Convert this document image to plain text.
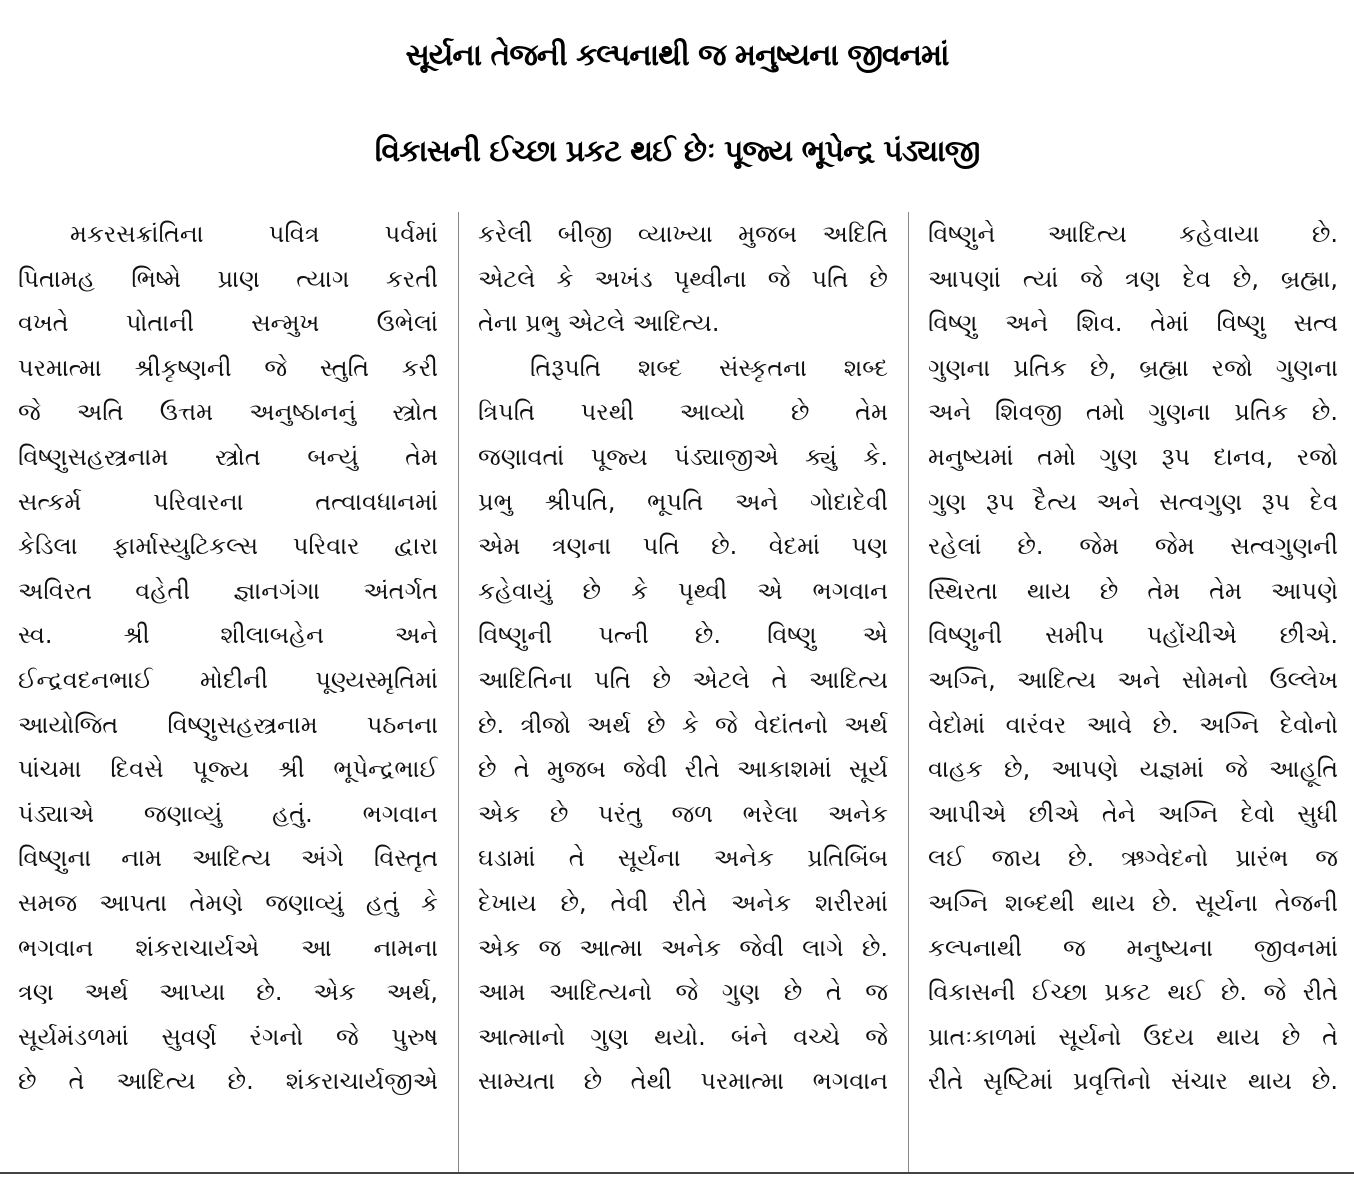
સૂર્યના તેજની કલ્પનાથી જ મનુષ્યના જીવનમાં
વિકાસની ઈચ્છા પ્રકટ થઈ છેઃ પૂજ્ય ભૂપેન્દ્ર પંડ્યાજી
મકરસક્રાંતિના પવિત્ર પર્વમાં
પિતામહ ભિષ્મે પ્રાણ ત્યાગ કરતી
વખતે પોતાની સન્મુખ ઉભેલાં
પરમાત્મા શ્રીકૃષ્ણની જે સ્તુતિ કરી
જે અતિ ઉત્તમ અનુષ્ઠાનનું સ્ત્રોત
વિષ્ણુસહસ્ત્રનામ સ્ત્રોત બન્યું તેમ
સત્કર્મ પરિવારના તત્વાવધાનમાં
કેડિલા ફાર્માસ્યુટિકલ્સ પરિવાર દ્વારા
અવિરત વહેતી જ્ઞાનગંગા અંતર્ગત
સ્વ. શ્રી શીલાબહેન અને
ઈન્દ્રવદનભાઈ મોદીની પૂણ્યસ્મૃતિમાં
આયોજિત વિષ્ણુસહસ્ત્રનામ પઠનના
પાંચમા દિવસે પૂજ્ય શ્રી ભૂપેન્દ્રભાઈ
પંડ્યાએ જણાવ્યું હતું. ભગવાન
વિષ્ણુના નામ આદિત્ય અંગે વિસ્તૃત
સમજ આપતા તેમણે જણાવ્યું હતું કે
ભગવાન શંકરાચાર્યએ આ નામના
ત્રણ અર્થ આપ્યા છે. એક અર્થ,
સૂર્યમંડળમાં સુવર્ણ રંગનો જે પુરુષ
છે તે આદિત્ય છે. શંકરાચાર્યજીએ
કરેલી બીજી વ્યાખ્યા મુજબ અદિતિ
એટલે કે અખંડ પૃથ્વીના જે પતિ છે
તેના પ્રભુ એટલે આદિત્ય.
તિરૂપતિ શબ્દ સંસ્કૃતના શબ્દ
ત્રિપતિ પરથી આવ્યો છે તેમ
જણાવતાં પૂજ્ય પંડ્યાજીએ ક્યું કે.
પ્રભુ શ્રીપતિ, ભૂપતિ અને ગોદાદેવી
એમ ત્રણના પતિ છે. વેદમાં પણ
કહેવાયું છે કે પૃથ્વી એ ભગવાન
વિષ્ણુની પત્ની છે. વિષ્ણુ એ
આદિતિના પતિ છે એટલે તે આદિત્ય
છે. ત્રીજો અર્થ છે કે જે વેદાંતનો અર્થ
છે તે મુજબ જેવી રીતે આકાશમાં સૂર્ય
એક છે પરંતુ જળ ભરેલા અનેક
ઘડામાં તે સૂર્યના અનેક પ્રતિબિંબ
દેખાય છે, તેવી રીતે અનેક શરીરમાં
એક જ આત્મા અનેક જેવી લાગે છે.
આમ આદિત્યનો જે ગુણ છે તે જ
આત્માનો ગુણ થયો. બંને વચ્ચે જે
સામ્યતા છે તેથી પરમાત્મા ભગવાન
વિષ્ણુને આદિત્ય કહેવાયા છે.
આપણાં ત્યાં જે ત્રણ દેવ છે, બ્રહ્મા,
વિષ્ણુ અને શિવ. તેમાં વિષ્ણુ સત્વ
ગુણના પ્રતિક છે, બ્રહ્મા રજો ગુણના
અને શિવજી તમો ગુણના પ્રતિક છે.
મનુષ્યમાં તમો ગુણ રૂપ દાનવ, રજો
ગુણ રૂપ દૈત્ય અને સત્વગુણ રૂપ દેવ
રહેલાં છે. જેમ જેમ સત્વગુણની
સ્થિરતા થાય છે તેમ તેમ આપણે
વિષ્ણુની સમીપ પહોંચીએ છીએ.
અગ્નિ, આદિત્ય અને સોમનો ઉલ્લેખ
વેદોમાં વારંવર આવે છે. અગ્નિ દેવોનો
વાહક છે, આપણે યજ્ઞમાં જે આહૂતિ
આપીએ છીએ તેને અગ્નિ દેવો સુધી
લઈ જાય છે. ઋગ્વેદનો પ્રારંભ જ
અગ્નિ શબ્દથી થાય છે. સૂર્યના તેજની
કલ્પનાથી જ મનુષ્યના જીવનમાં
વિકાસની ઈચ્છા પ્રકટ થઈ છે. જે રીતે
પ્રાતઃકાળમાં સૂર્યનો ઉદય થાય છે તે
રીતે સૃષ્ટિમાં પ્રવૃત્તિનો સંચાર થાય છે.
